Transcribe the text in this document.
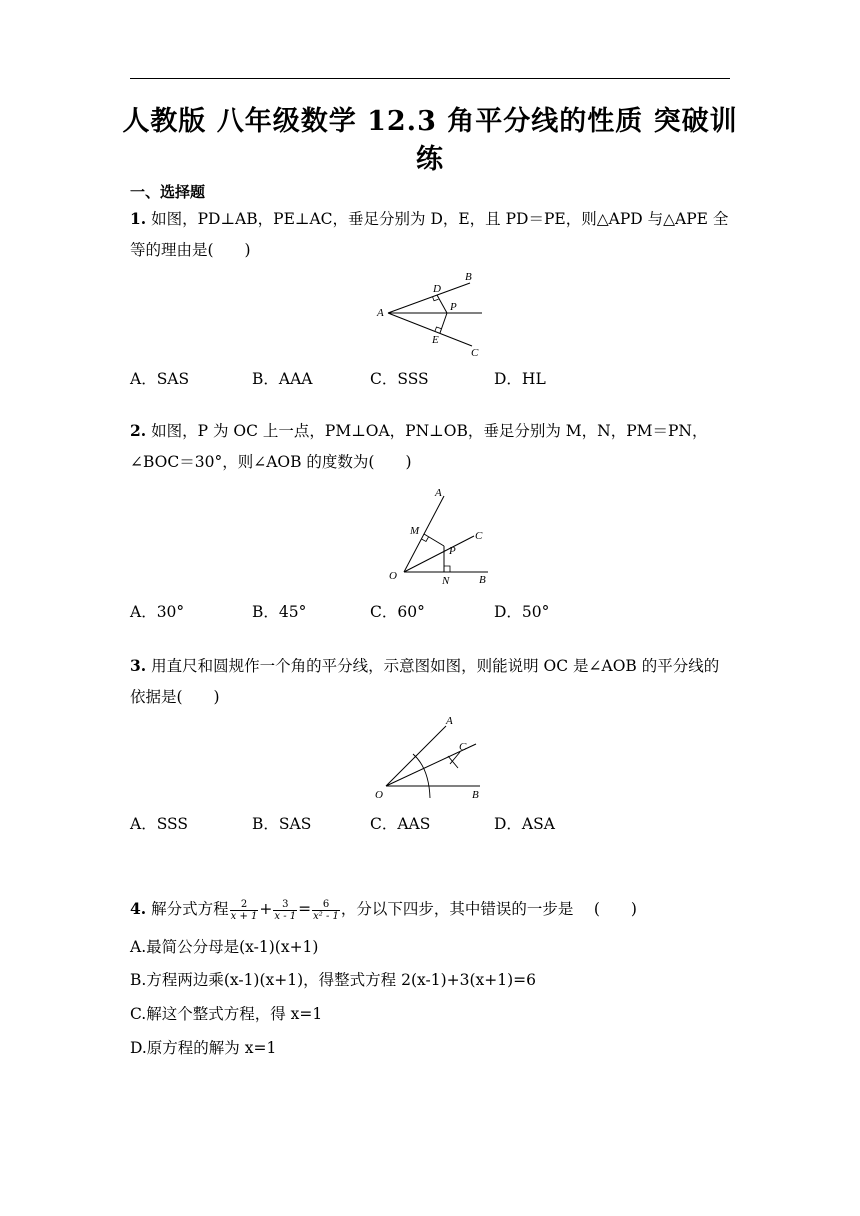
人教版 八年级数学 12.3 角平分线的性质 突破训练
一、选择题
1. 如图，PD⊥AB，PE⊥AC，垂足分别为 D，E，且 PD＝PE，则△APD 与△APE 全等的理由是(　　)
A
B
C
D
E
P
A．SAS	B．AAA	C．SSS	D．HL
2. 如图，P 为 OC 上一点，PM⊥OA，PN⊥OB，垂足分别为 M，N，PM＝PN，∠BOC＝30°，则∠AOB 的度数为(　　)
A
M	C
P
O	N	B
A．30°	B．45°	C．60°	D．50°
3. 用直尺和圆规作一个角的平分线，示意图如图，则能说明 OC 是∠AOB 的平分线的依据是(　　)
A
C
O	B
A．SSS	B．SAS	C．AAS	D．ASA
4. 解分式方程 $\frac{2}{x + 1} + \frac{3}{x - 1} = \frac{6}{\text{x² - 1}}$ ，分以下四步，其中错误的一步是　 (　　)
A.最简公分母是(x-1)(x+1)
B.方程两边乘(x-1)(x+1)，得整式方程 2(x-1)+3(x+1)=6
C.解这个整式方程，得 x=1
D.原方程的解为 x=1
